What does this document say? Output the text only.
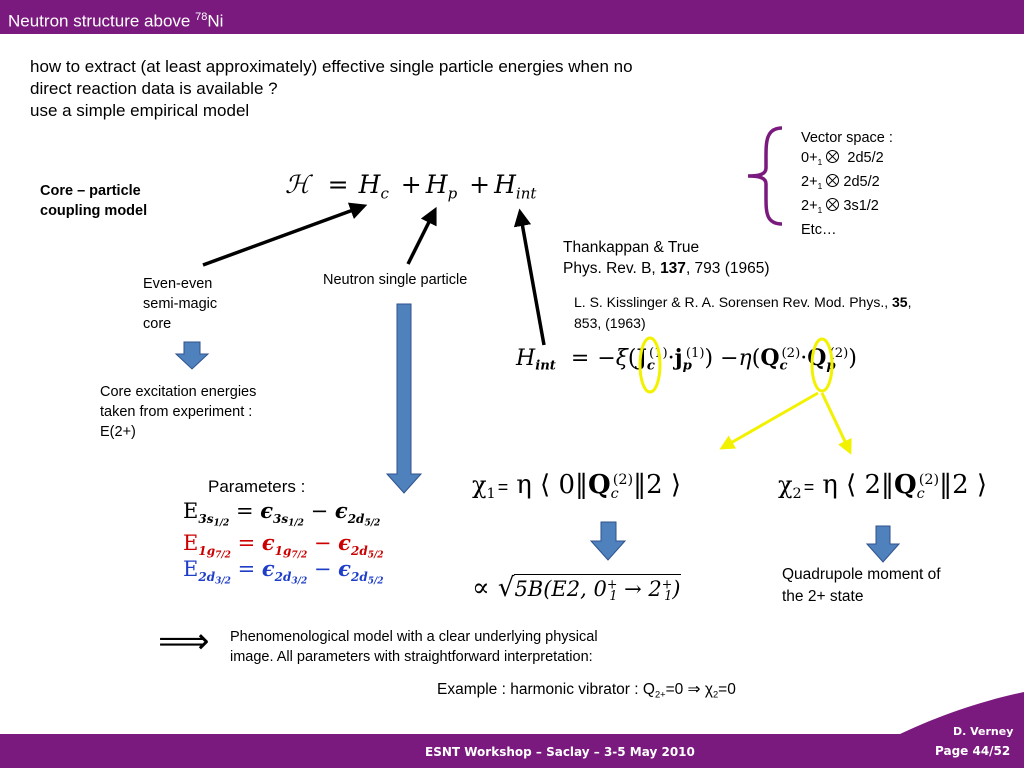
Neutron structure above $^{78}$Ni
how to extract (at least approximately) effective single particle energies when no
direct reaction data is available ?
use a simple empirical model
Core – particle
coupling model
ℋ = $H_c + H_p + H_{int}$
Vector space :
$0+_1$ 2d5/2
$2+_1$ 2d5/2
$2+_1$ 3s1/2
Etc…
Thankappan & True
Phys. Rev. B, 137, 793 (1965)
L. S. Kisslinger & R. A. Sorensen Rev. Mod. Phys., 35,
853, (1963)
Even-even
semi-magic
core
Neutron single particle
Core excitation energies
taken from experiment :
E(2+)
$H_{int} = -\xi(J_c^{(1)}\cdot j_p^{(1)}) -\eta(Q_c^{(2)}\cdot Q_p^{(2)})$
Parameters :
$E_{3s_{1/2}} = \epsilon_{3s_{1/2}} - \epsilon_{2d_{5/2}}$
$E_{1g_{7/2}} = \epsilon_{1g_{7/2}} - \epsilon_{2d_{5/2}}$
$E_{2d_{3/2}} = \epsilon_{2d_{3/2}} - \epsilon_{2d_{5/2}}$
$\chi_1 = \eta$ ⟨ $0‖Q_c^{(2)}‖2$ ⟩	$\chi_2 = \eta$ ⟨ $2‖Q_c^{(2)}‖2$ ⟩
∝ √5B(E2, $0^+_1 \to 2^+_1$)
Quadrupole moment of
the 2+ state
⟹ Phenomenological model with a clear underlying physical
image. All parameters with straightforward interpretation:
Example : harmonic vibrator : $Q_{2+}=0$ ⇒ $\chi_2=0$
ESNT Workshop – Saclay – 3-5 May 2010
D. Verney
Page 44/52
